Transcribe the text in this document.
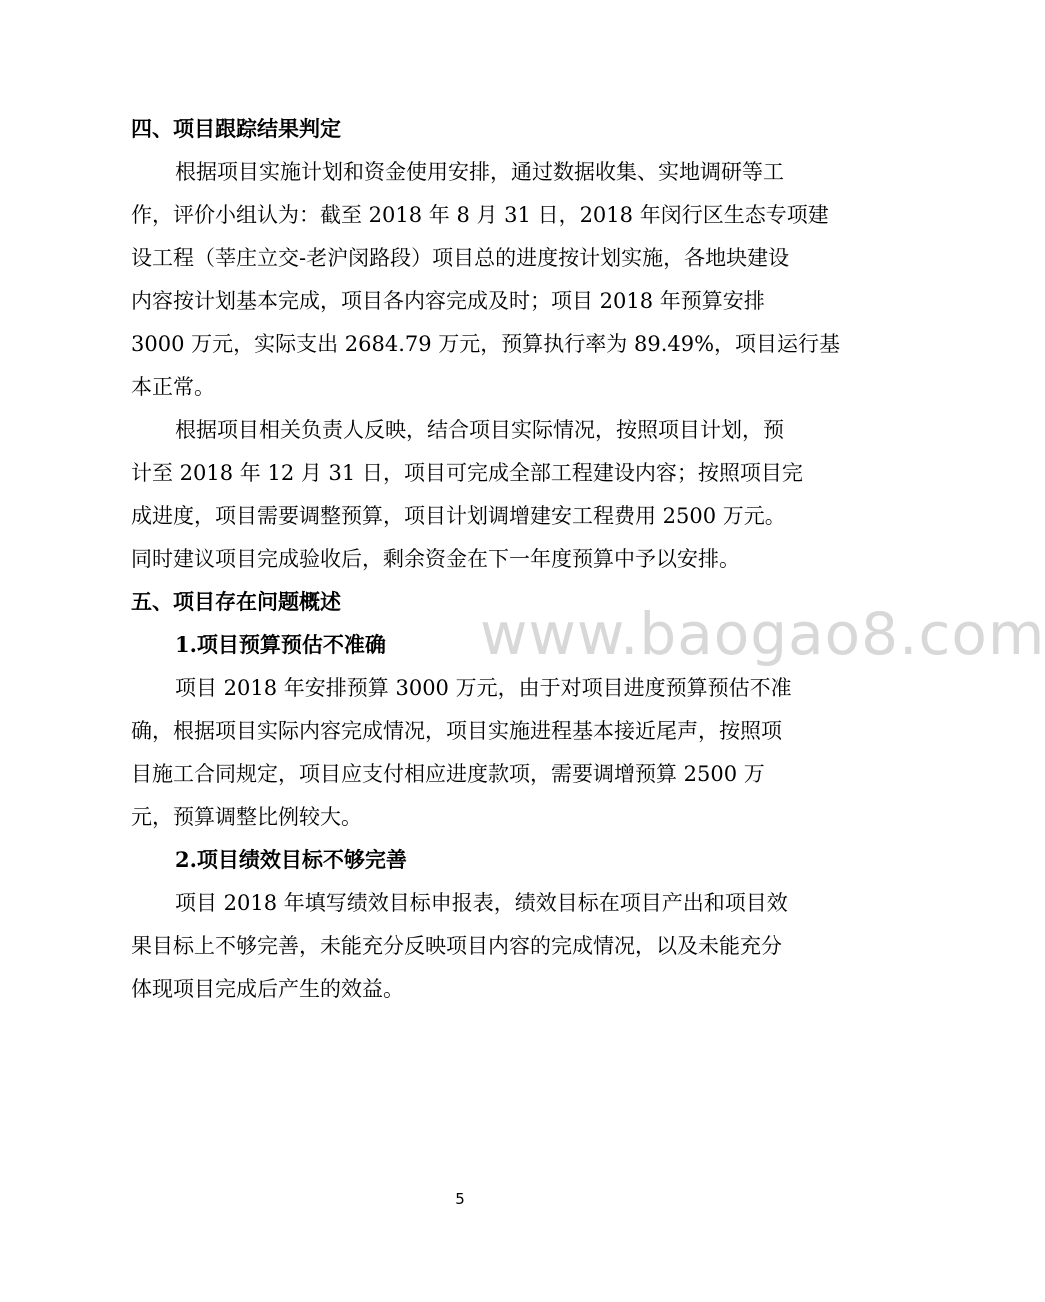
www.baogao8.com
四、项目跟踪结果判定
根据项目实施计划和资金使用安排，通过数据收集、实地调研等工
作，评价小组认为：截至 2018 年 8 月 31 日，2018 年闵行区生态专项建
设工程（莘庄立交-老沪闵路段）项目总的进度按计划实施，各地块建设
内容按计划基本完成，项目各内容完成及时；项目 2018 年预算安排
3000 万元，实际支出 2684.79 万元，预算执行率为 89.49%，项目运行基
本正常。
根据项目相关负责人反映，结合项目实际情况，按照项目计划，预
计至 2018 年 12 月 31 日，项目可完成全部工程建设内容；按照项目完
成进度，项目需要调整预算，项目计划调增建安工程费用 2500 万元。
同时建议项目完成验收后，剩余资金在下一年度预算中予以安排。
五、项目存在问题概述
1.项目预算预估不准确
项目 2018 年安排预算 3000 万元，由于对项目进度预算预估不准
确，根据项目实际内容完成情况，项目实施进程基本接近尾声，按照项
目施工合同规定，项目应支付相应进度款项，需要调增预算 2500 万
元，预算调整比例较大。
2.项目绩效目标不够完善
项目 2018 年填写绩效目标申报表，绩效目标在项目产出和项目效
果目标上不够完善，未能充分反映项目内容的完成情况，以及未能充分
体现项目完成后产生的效益。
5
